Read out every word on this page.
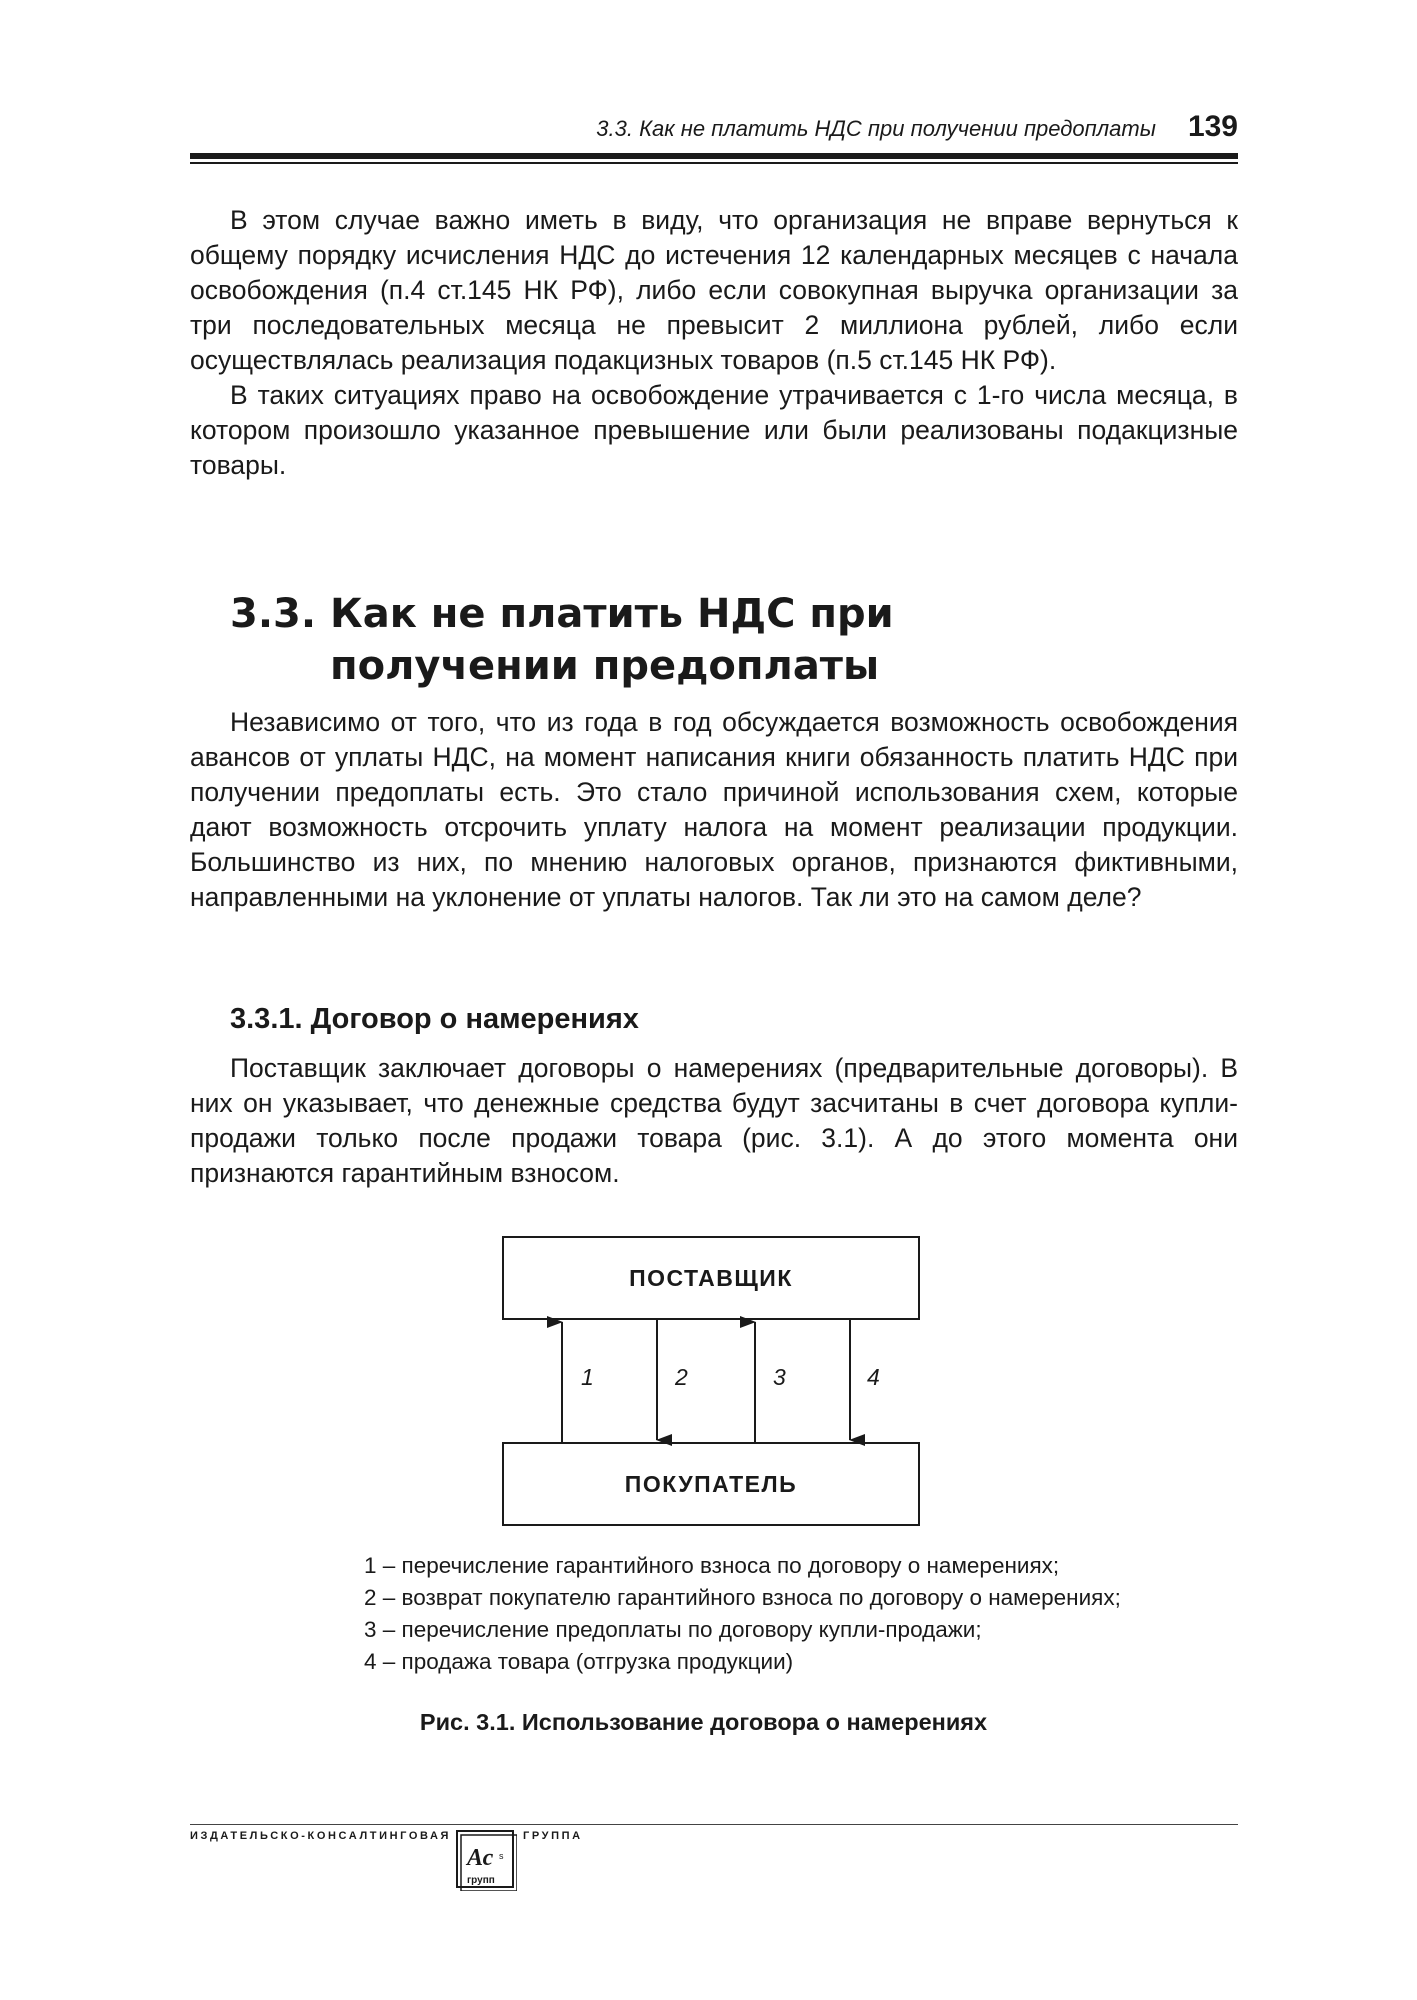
3.3. Как не платить НДС при получении предоплаты 139

В этом случае важно иметь в виду, что организация не вправе вернуться к общему порядку исчисления НДС до истечения 12 календарных месяцев с начала освобождения (п.4 ст.145 НК РФ), либо если совокупная выручка организации за три последовательных месяца не превысит 2 миллиона рублей, либо если осуществлялась реализация подакцизных товаров (п.5 ст.145 НК РФ).

В таких ситуациях право на освобождение утрачивается с 1-го числа месяца, в котором произошло указанное превышение или были реализованы подакцизные товары.

3.3. Как не платить НДС при
получении предоплаты

Независимо от того, что из года в год обсуждается возможность освобождения авансов от уплаты НДС, на момент написания книги обязанность платить НДС при получении предоплаты есть. Это стало причиной использования схем, которые дают возможность отсрочить уплату налога на момент реализации продукции. Большинство из них, по мнению налоговых органов, признаются фиктивными, направленными на уклонение от уплаты налогов. Так ли это на самом деле?

3.3.1. Договор о намерениях

Поставщик заключает договоры о намерениях (предварительные договоры). В них он указывает, что денежные средства будут засчитаны в счет договора купли-продажи только после продажи товара (рис. 3.1). А до этого момента они признаются гарантийным взносом.

ПОСТАВЩИК
ПОКУПАТЕЛЬ
1	2	3	4

1 – перечисление гарантийного взноса по договору о намерениях;

2 – возврат покупателю гарантийного взноса по договору о намерениях;

3 – перечисление предоплаты по договору купли-продажи;

4 – продажа товара (отгрузка продукции)

Рис. 3.1. Использование договора о намерениях

ИЗДАТЕЛЬСКО-КОНСАЛТИНГОВАЯ	ГРУППА
Ас s
групп
